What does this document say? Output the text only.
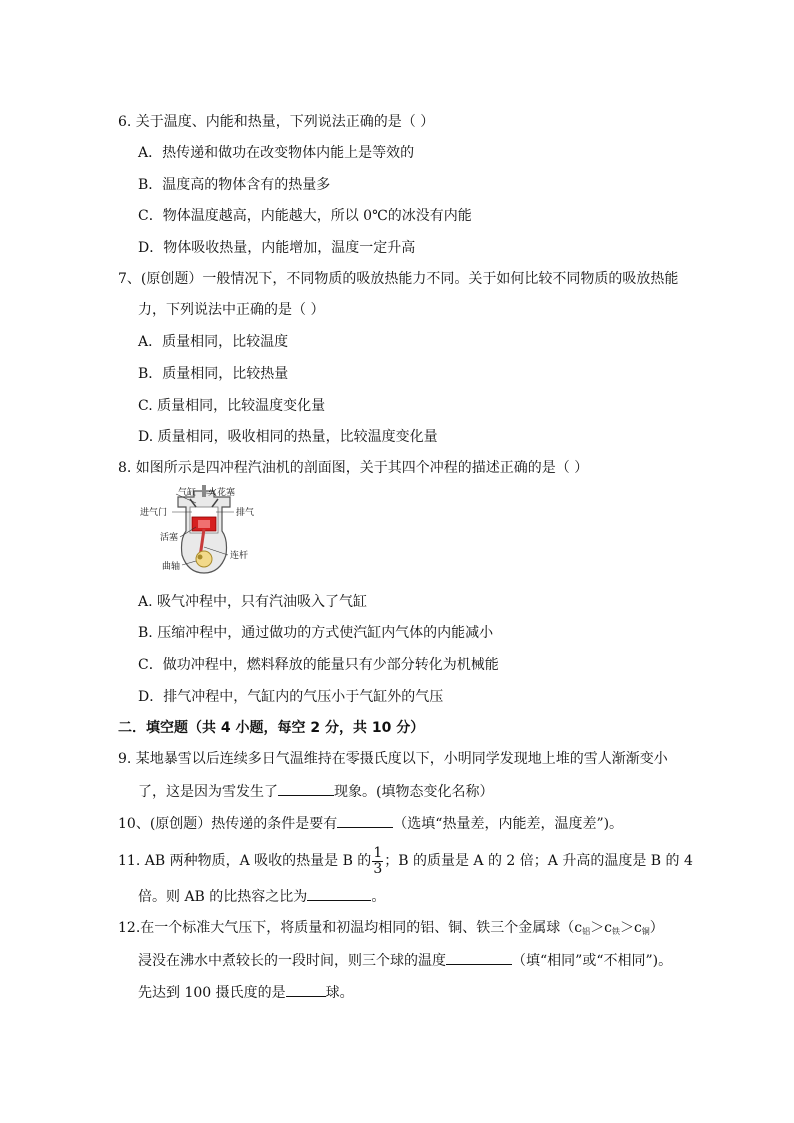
6. 关于温度、内能和热量，下列说法正确的是（ ）
A．热传递和做功在改变物体内能上是等效的
B．温度高的物体含有的热量多
C．物体温度越高，内能越大，所以 0℃的冰没有内能
D．物体吸收热量，内能增加，温度一定升高
7、(原创题）一般情况下，不同物质的吸放热能力不同。关于如何比较不同物质的吸放热能
力，下列说法中正确的是（ ）
A．质量相同，比较温度
B．质量相同，比较热量
C. 质量相同，比较温度变化量
D. 质量相同，吸收相同的热量，比较温度变化量
8. 如图所示是四冲程汽油机的剖面图，关于其四个冲程的描述正确的是（ ）
气缸 火花塞
进气门	排气
活塞
连杆
曲轴
A. 吸气冲程中，只有汽油吸入了气缸
B. 压缩冲程中，通过做功的方式使汽缸内气体的内能减小
C．做功冲程中，燃料释放的能量只有少部分转化为机械能
D．排气冲程中，气缸内的气压小于气缸外的气压
二．填空题（共 4 小题，每空 2 分，共 10 分）
9. 某地暴雪以后连续多日气温维持在零摄氏度以下，小明同学发现地上堆的雪人渐渐变小
了，这是因为雪发生了	现象。(填物态变化名称）
10、(原创题）热传递的条件是要有	（选填“热量差，内能差，温度差”)。
11. AB 两种物质，A 吸收的热量是 B 的 $\frac{1}{3}$ ；B 的质量是 A 的 2 倍；A 升高的温度是 B 的 4
倍。则 AB 的比热容之比为	。
12.在一个标准大气压下，将质量和初温均相同的铝、铜、铁三个金属球$(c_铝>c_铁>c_铜)$
浸没在沸水中煮较长的一段时间，则三个球的温度	（填“相同”或“不相同”)。
先达到 100 摄氏度的是	球。
